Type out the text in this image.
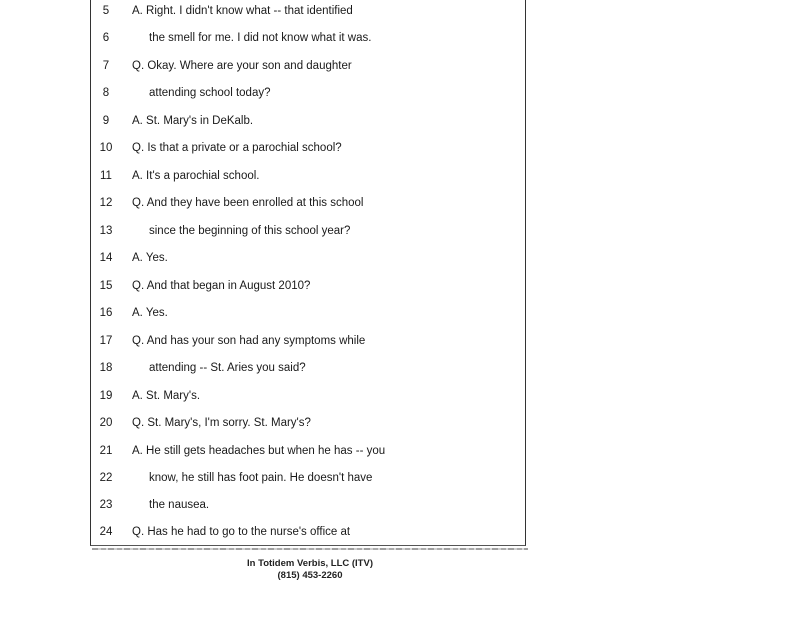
5	A. Right. I didn't know what -- that identified
6	the smell for me. I did not know what it was.
7	Q. Okay. Where are your son and daughter
8	attending school today?
9	A. St. Mary's in DeKalb.
10	Q. Is that a private or a parochial school?
11	A. It's a parochial school.
12	Q. And they have been enrolled at this school
13	since the beginning of this school year?
14	A. Yes.
15	Q. And that began in August 2010?
16	A. Yes.
17	Q. And has your son had any symptoms while
18	attending -- St. Aries you said?
19	A. St. Mary's.
20	Q. St. Mary's, I'm sorry. St. Mary's?
21	A. He still gets headaches but when he has -- you
22	know, he still has foot pain. He doesn't have
23	the nausea.
24	Q. Has he had to go to the nurse's office at
In Totidem Verbis, LLC (ITV)
(815) 453-2260
